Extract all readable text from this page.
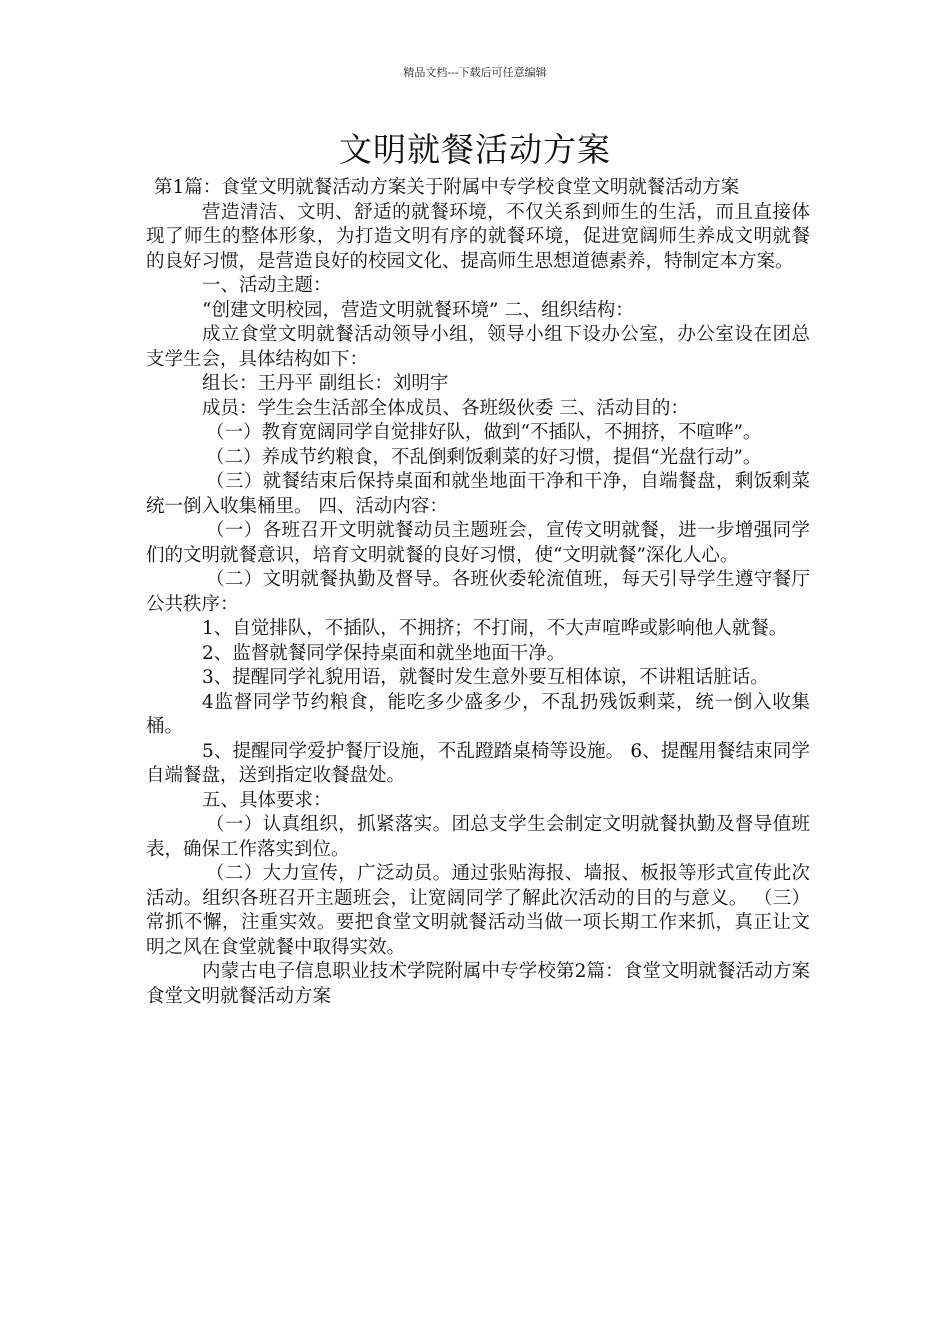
精品文档---下载后可任意编辑
文明就餐活动方案

第1篇：食堂文明就餐活动方案关于附属中专学校食堂文明就餐活动方案

营造清洁、文明、舒适的就餐环境，不仅关系到师生的生活，而且直接体现了师生的整体形象，为打造文明有序的就餐环境，促进宽阔师生养成文明就餐的良好习惯，是营造良好的校园文化、提高师生思想道德素养，特制定本方案。

一、活动主题：

“创建文明校园，营造文明就餐环境” 二、组织结构：

成立食堂文明就餐活动领导小组，领导小组下设办公室，办公室设在团总支学生会，具体结构如下：

组长：王丹平 副组长：刘明宇

成员：学生会生活部全体成员、各班级伙委 三、活动目的：

（一）教育宽阔同学自觉排好队，做到“不插队，不拥挤，不喧哗”。

（二）养成节约粮食，不乱倒剩饭剩菜的好习惯，提倡“光盘行动”。

（三）就餐结束后保持桌面和就坐地面干净和干净，自端餐盘，剩饭剩菜统一倒入收集桶里。 四、活动内容：

（一）各班召开文明就餐动员主题班会，宣传文明就餐，进一步增强同学们的文明就餐意识，培育文明就餐的良好习惯，使“文明就餐”深化人心。

（二）文明就餐执勤及督导。各班伙委轮流值班，每天引导学生遵守餐厅公共秩序：

1、自觉排队，不插队，不拥挤；不打闹，不大声喧哗或影响他人就餐。

2、监督就餐同学保持桌面和就坐地面干净。

3、提醒同学礼貌用语，就餐时发生意外要互相体谅，不讲粗话脏话。

4监督同学节约粮食，能吃多少盛多少，不乱扔残饭剩菜，统一倒入收集桶。

5、提醒同学爱护餐厅设施，不乱蹬踏桌椅等设施。 6、提醒用餐结束同学自端餐盘，送到指定收餐盘处。

五、具体要求：

（一）认真组织，抓紧落实。团总支学生会制定文明就餐执勤及督导值班表，确保工作落实到位。

（二）大力宣传，广泛动员。通过张贴海报、墙报、板报等形式宣传此次活动。组织各班召开主题班会，让宽阔同学了解此次活动的目的与意义。 （三）常抓不懈，注重实效。要把食堂文明就餐活动当做一项长期工作来抓，真正让文明之风在食堂就餐中取得实效。

内蒙古电子信息职业技术学院附属中专学校第2篇：食堂文明就餐活动方案食堂文明就餐活动方案
